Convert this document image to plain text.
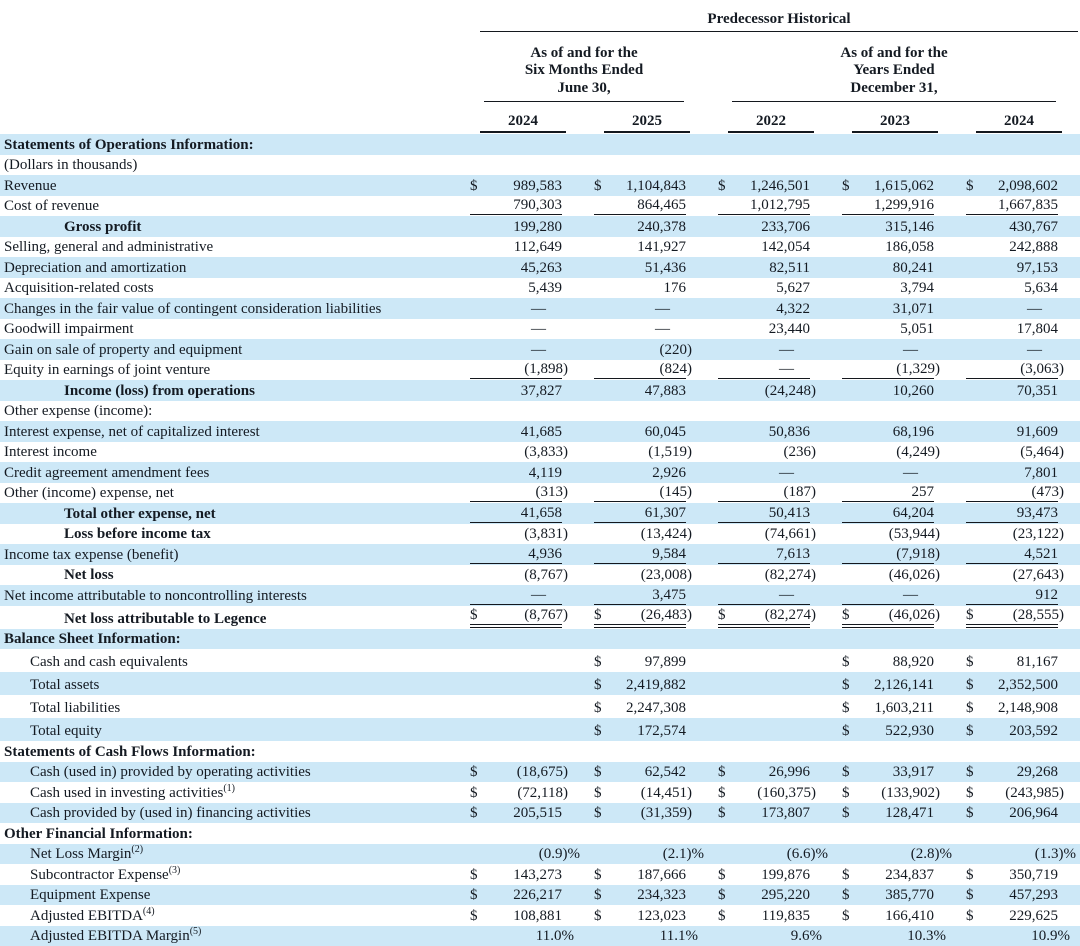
	Predecessor Historical				

As of and for the
Six Months Ended
June 30,

As of and for the
Years Ended
December 31,

	2024	2025	2022	2023	2024

Statements of Operations Information:					

(Dollars in thousands)					

Revenue	$ 989,583	$ 1,104,843	$ 1,246,501	$ 1,615,062	$ 2,098,602

Cost of revenue	790,303	864,465	1,012,795	1,299,916	1,667,835

Gross profit	199,280	240,378	233,706	315,146	430,767

Selling, general and administrative	112,649	141,927	142,054	186,058	242,888

Depreciation and amortization	45,263	51,436	82,511	80,241	97,153

Acquisition-related costs	5,439	176	5,627	3,794	5,634

Changes in the fair value of contingent consideration liabilities	—	—	4,322	31,071	—

Goodwill impairment	—	—	23,440	5,051	17,804

Gain on sale of property and equipment	—	(220)	—	—	—

Equity in earnings of joint venture	(1,898)	(824)	—	(1,329)	(3,063)

Income (loss) from operations	37,827	47,883	(24,248)	10,260	70,351

Other expense (income):					

Interest expense, net of capitalized interest	41,685	60,045	50,836	68,196	91,609

Interest income	(3,833)	(1,519)	(236)	(4,249)	(5,464)

Credit agreement amendment fees	4,119	2,926	—	—	7,801

Other (income) expense, net	(313)	(145)	(187)	257	(473)

Total other expense, net	41,658	61,307	50,413	64,204	93,473

Loss before income tax	(3,831)	(13,424)	(74,661)	(53,944)	(23,122)

Income tax expense (benefit)	4,936	9,584	7,613	(7,918)	4,521

Net loss	(8,767)	(23,008)	(82,274)	(46,026)	(27,643)

Net income attributable to noncontrolling interests	—	3,475	—	—	912

Net loss attributable to Legence	$ (8,767)	$ (26,483)	$ (82,274)	$ (46,026)	$ (28,555)

Balance Sheet Information:					

Cash and cash equivalents		$ 97,899		$ 88,920	$ 81,167

Total assets		$ 2,419,882		$ 2,126,141	$ 2,352,500

Total liabilities		$ 2,247,308		$ 1,603,211	$ 2,148,908

Total equity		$ 172,574		$ 522,930	$ 203,592

Statements of Cash Flows Information:					

Cash (used in) provided by operating activities	$ (18,675)	$ 62,542	$ 26,996	$ 33,917	$ 29,268

Cash used in investing activities$^{(1)}$	$ (72,118)	$ (14,451)	$ (160,375)	$ (133,902)	$ (243,985)

Cash provided by (used in) financing activities	$ 205,515	$ (31,359)	$ 173,807	$ 128,471	$ 206,964

Other Financial Information:					

Net Loss Margin$^{(2)}$	(0.9)%	(2.1)%	(6.6)%	(2.8)%	(1.3)%

Subcontractor Expense$^{(3)}$	$ 143,273	$ 187,666	$ 199,876	$ 234,837	$ 350,719

Equipment Expense	$ 226,217	$ 234,323	$ 295,220	$ 385,770	$ 457,293

Adjusted EBITDA$^{(4)}$	$ 108,881	$ 123,023	$ 119,835	$ 166,410	$ 229,625

Adjusted EBITDA Margin$^{(5)}$	11.0%	11.1%	9.6%	10.3%	10.9%
